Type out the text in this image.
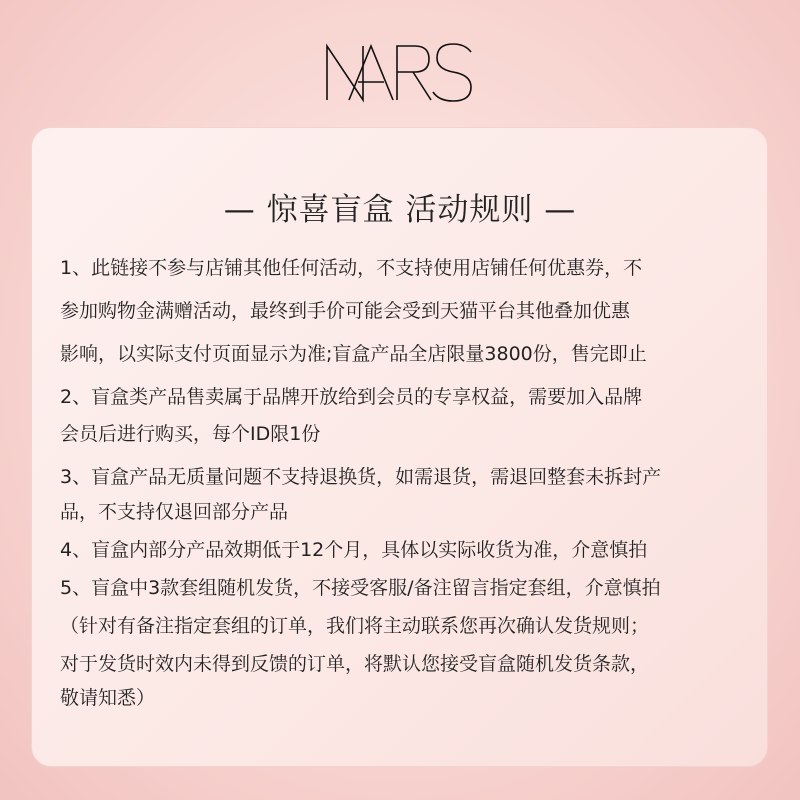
— 惊喜盲盒 活动规则 —
1、此链接不参与店铺其他任何活动，不支持使用店铺任何优惠券，不
参加购物金满赠活动，最终到手价可能会受到天猫平台其他叠加优惠
影响，以实际支付页面显示为准;盲盒产品全店限量3800份，售完即止
2、盲盒类产品售卖属于品牌开放给到会员的专享权益，需要加入品牌
会员后进行购买，每个ID限1份
3、盲盒产品无质量问题不支持退换货，如需退货，需退回整套未拆封产
品，不支持仅退回部分产品
4、盲盒内部分产品效期低于12个月，具体以实际收货为准，介意慎拍
5、盲盒中3款套组随机发货，不接受客服/备注留言指定套组，介意慎拍
（针对有备注指定套组的订单，我们将主动联系您再次确认发货规则；
对于发货时效内未得到反馈的订单，将默认您接受盲盒随机发货条款，
敬请知悉）
